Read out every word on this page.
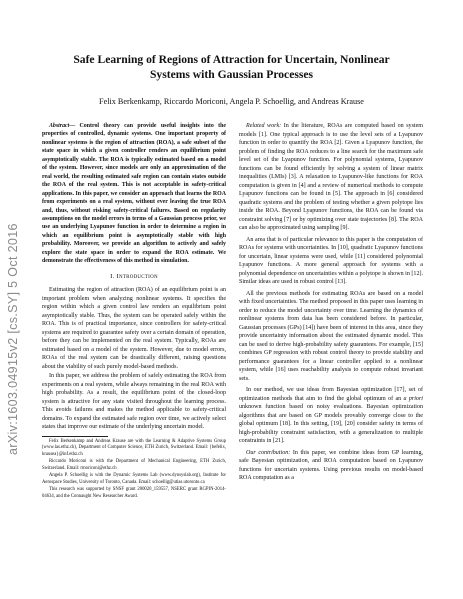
arXiv:1603.04915v2 [cs.SY] 5 Oct 2016
Safe Learning of Regions of Attraction for Uncertain, Nonlinear
Systems with Gaussian Processes
Felix Berkenkamp, Riccardo Moriconi, Angela P. Schoellig, and Andreas Krause

Abstract— Control theory can provide useful insights into the properties of controlled, dynamic systems. One important property of nonlinear systems is the region of attraction (ROA), a safe subset of the state space in which a given controller renders an equilibrium point asymptotically stable. The ROA is typically estimated based on a model of the system. However, since models are only an approximation of the real world, the resulting estimated safe region can contain states outside the ROA of the real system. This is not acceptable in safety-critical applications. In this paper, we consider an approach that learns the ROA from experiments on a real system, without ever leaving the true ROA and, thus, without risking safety-critical failures. Based on regularity assumptions on the model errors in terms of a Gaussian process prior, we use an underlying Lyapunov function in order to determine a region in which an equilibrium point is asymptotically stable with high probability. Moreover, we provide an algorithm to actively and safely explore the state space in order to expand the ROA estimate. We demonstrate the effectiveness of this method in simulation.

I. Introduction

Estimating the region of attraction (ROA) of an equilibrium point is an important problem when analyzing nonlinear systems. It specifies the region within which a given control law renders an equilibrium point asymptotically stable. Thus, the system can be operated safely within the ROA. This is of practical importance, since controllers for safety-critical systems are required to guarantee safety over a certain domain of operation, before they can be implemented on the real system. Typically, ROAs are estimated based on a model of the system. However, due to model errors, ROAs of the real system can be drastically different, raising questions about the viability of such purely model-based methods.

In this paper, we address the problem of safely estimating the ROA from experiments on a real system, while always remaining in the real ROA with high probability. As a result, the equilibrium point of the closed-loop system is attractive for any state visited throughout the learning process. This avoids failures and makes the method applicable to safety-critical domains. To expand the estimated safe region over time, we actively select states that improve our estimate of the underlying uncertain model.

Felix Berkenkamp and Andreas Krause are with the Learning & Adaptive Systems Group (www.las.ethz.ch), Department of Computer Science, ETH Zurich, Switzerland. Email: {befelix, krausea}@inf.ethz.ch

Riccardo Moriconi is with the Department of Mechanical Engineering, ETH Zurich, Switzerland. Email: rmoriconi@ethz.ch

Angela P. Schoellig is with the Dynamic Systems Lab (www.dynsyslab.org), Institute for Aerospace Studies, University of Toronto, Canada. Email: schoellig@utias.utoronto.ca

This research was supported by SNSF grant 200020_159557, NSERC grant RGPIN-2014-04634, and the Connaught New Researcher Award.

Related work: In the literature, ROAs are computed based on system models [1]. One typical approach is to use the level sets of a Lyapunov function in order to quantify the ROA [2]. Given a Lyapunov function, the problem of finding the ROA reduces to a line search for the maximum safe level set of the Lyapunov function. For polynomial systems, Lyapunov functions can be found efficiently by solving a system of linear matrix inequalities (LMIs) [3]. A relaxation to Lyapunov-like functions for ROA computation is given in [4] and a review of numerical methods to compute Lyapunov functions can be found in [5]. The approach in [6] considered quadratic systems and the problem of testing whether a given polytope lies inside the ROA. Beyond Lyapunov functions, the ROA can be found via constraint solving [7] or by optimizing over state trajectories [8]. The ROA can also be approximated using sampling [9].

An area that is of particular relevance to this paper is the computation of ROAs for systems with uncertainties. In [10], quadratic Lyapunov functions for uncertain, linear systems were used, while [11] considered polynomial Lyapunov functions. A more general approach for systems with a polynomial dependence on uncertainties within a polytope is shown in [12]. Similar ideas are used in robust control [13].

All the previous methods for estimating ROAs are based on a model with fixed uncertainties. The method proposed in this paper uses learning in order to reduce the model uncertainty over time. Learning the dynamics of nonlinear systems from data has been considered before. In particular, Gaussian processes (GPs) [14]) have been of interest in this area, since they provide uncertainty information about the estimated dynamic model. This can be used to derive high-probability safety guarantees. For example, [15] combines GP regression with robust control theory to provide stability and performance guarantees for a linear controller applied to a nonlinear system, while [16] uses reachability analysis to compute robust invariant sets.

In our method, we use ideas from Bayesian optimization [17], set of optimization methods that aim to find the global optimum of an a priori unknown function based on noisy evaluations. Bayesian optimization algorithms that are based on GP models provably converge close to the global optimum [18]. In this setting, [19], [20] consider safety in terms of high-probability constraint satisfaction, with a generalization to multiple constraints in [21].

Our contribution: In this paper, we combine ideas from GP learning, safe Bayesian optimization, and ROA computation based on Lyapunov functions for uncertain systems. Using previous results on model-based ROA computation as a
